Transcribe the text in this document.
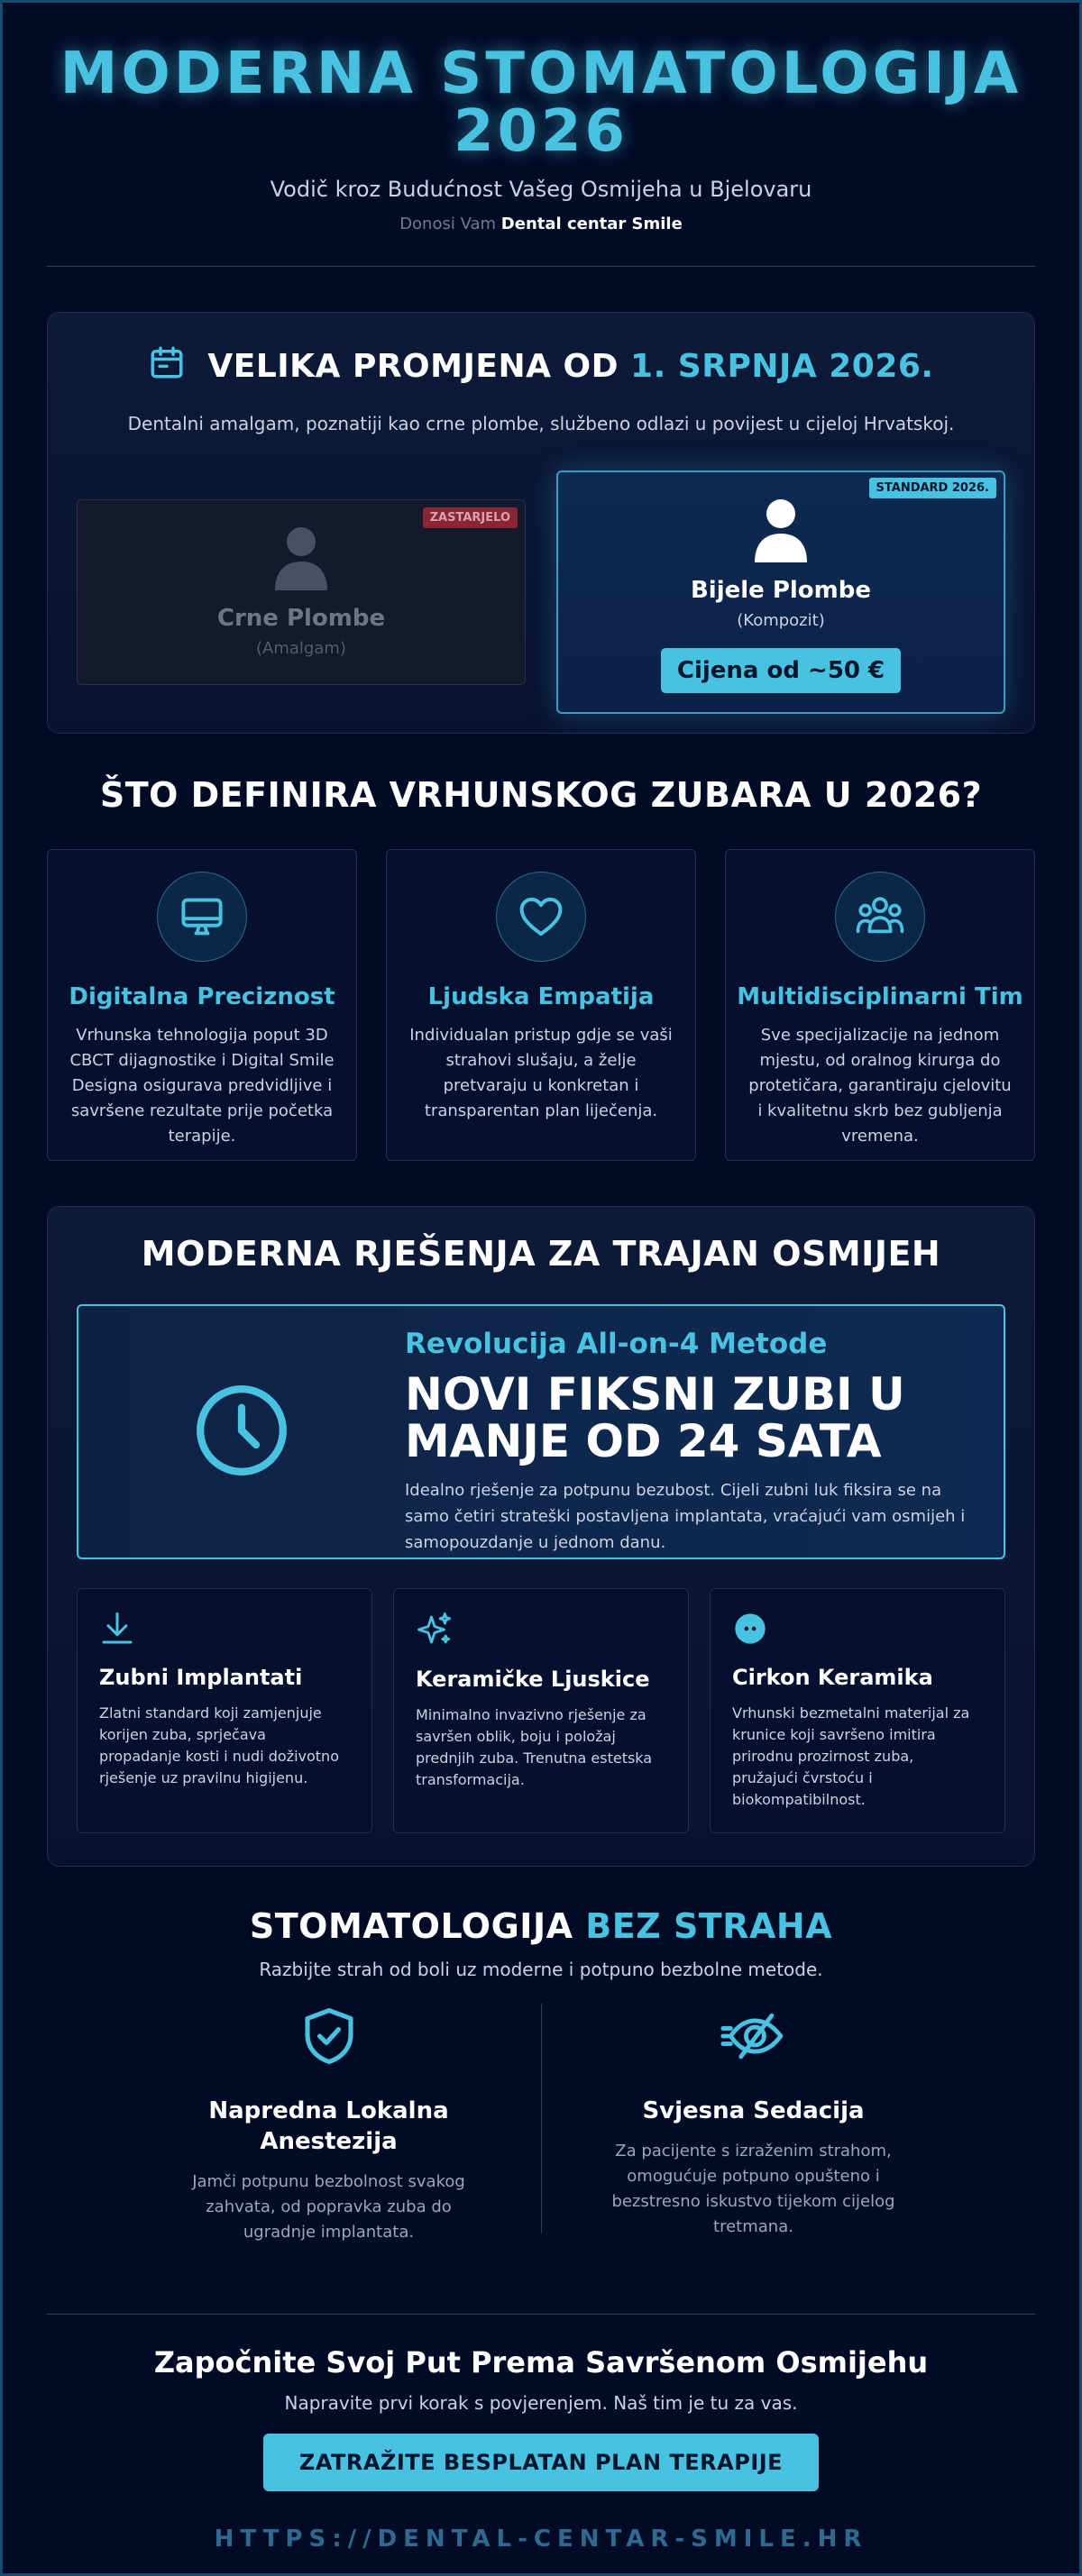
MODERNA STOMATOLOGIJA
2026
Vodič kroz Budućnost Vašeg Osmijeha u Bjelovaru
Donosi Vam Dental centar Smile
VELIKA PROMJENA OD 1. SRPNJA 2026.

Dentalni amalgam, poznatiji kao crne plombe, službeno odlazi u povijest u cijeloj Hrvatskoj.

ZASTARJELO
Crne Plombe
(Amalgam)
STANDARD 2026.
Bijele Plombe
(Kompozit)
Cijena od ~50 €
ŠTO DEFINIRA VRHUNSKOG ZUBARA U 2026?
Digitalna Preciznost

Vrhunska tehnologija poput 3D CBCT dijagnostike i Digital Smile Designa osigurava predvidljive i savršene rezultate prije početka terapije.

Ljudska Empatija

Individualan pristup gdje se vaši strahovi slušaju, a želje pretvaraju u konkretan i transparentan plan liječenja.

Multidisciplinarni Tim

Sve specijalizacije na jednom mjestu, od oralnog kirurga do protetičara, garantiraju cjelovitu i kvalitetnu skrb bez gubljenja vremena.

MODERNA RJEŠENJA ZA TRAJAN OSMIJEH
Revolucija All-on-4 Metode
NOVI FIKSNI ZUBI U
MANJE OD 24 SATA

Idealno rješenje za potpunu bezubost. Cijeli zubni luk fiksira se na samo četiri strateški postavljena implantata, vraćajući vam osmijeh i samopouzdanje u jednom danu.

Zubni Implantati

Zlatni standard koji zamjenjuje korijen zuba, sprječava propadanje kosti i nudi doživotno rješenje uz pravilnu higijenu.

Keramičke Ljuskice

Minimalno invazivno rješenje za savršen oblik, boju i položaj prednjih zuba. Trenutna estetska transformacija.

Cirkon Keramika

Vrhunski bezmetalni materijal za krunice koji savršeno imitira prirodnu prozirnost zuba, pružajući čvrstoću i biokompatibilnost.

STOMATOLOGIJA BEZ STRAHA

Razbijte strah od boli uz moderne i potpuno bezbolne metode.

Napredna Lokalna
Anestezija

Jamči potpunu bezbolnost svakog zahvata, od popravka zuba do ugradnje implantata.

Svjesna Sedacija

Za pacijente s izraženim strahom, omogućuje potpuno opušteno i bezstresno iskustvo tijekom cijelog tretmana.

Započnite Svoj Put Prema Savršenom Osmijehu

Napravite prvi korak s povjerenjem. Naš tim je tu za vas.

ZATRAŽITE BESPLATAN PLAN TERAPIJE
HTTPS://DENTAL-CENTAR-SMILE.HR
